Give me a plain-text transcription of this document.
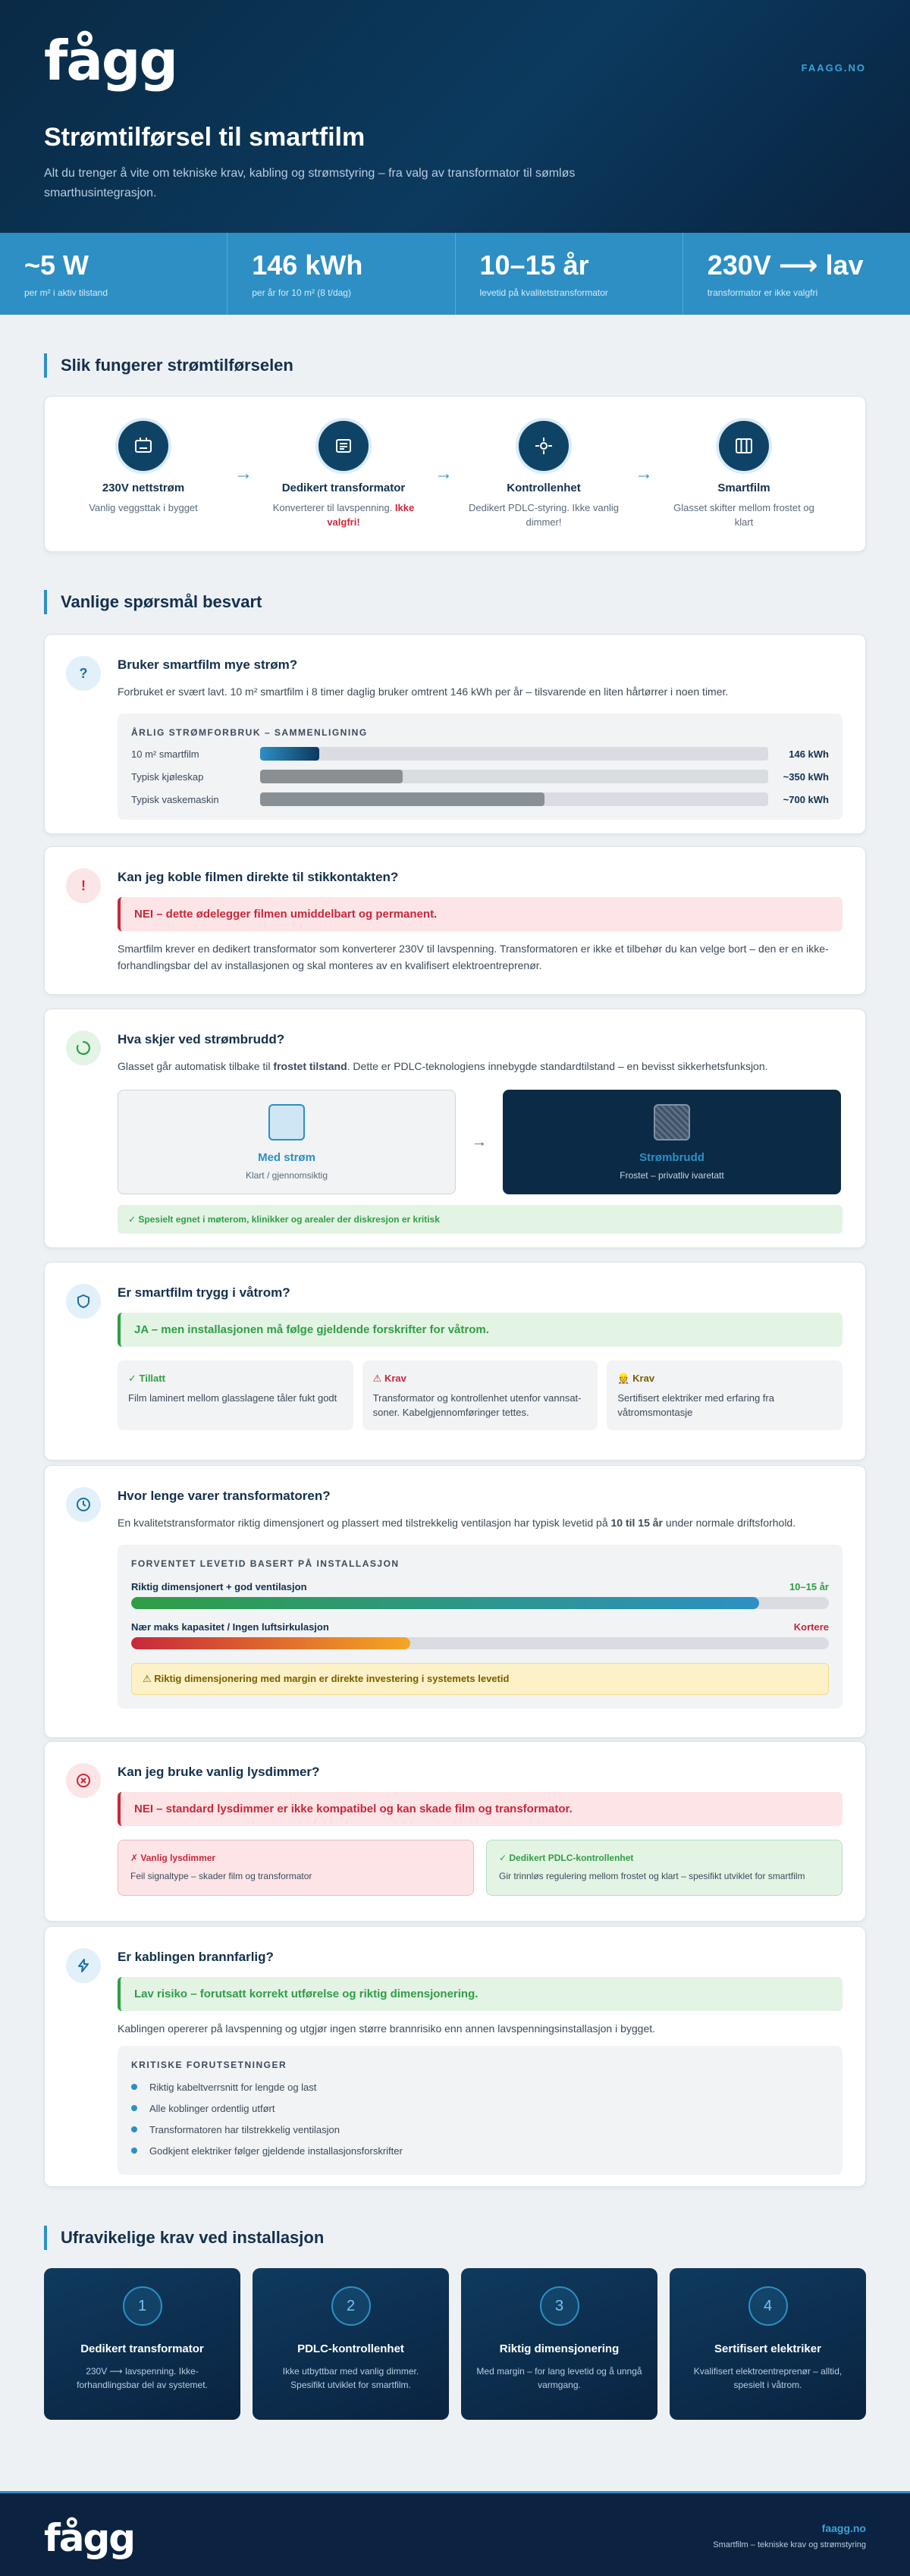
fågg	FAAGG.NO
Strømtilførsel til smartfilm

Alt du trenger å vite om tekniske krav, kabling og strømstyring – fra valg av transformator til sømløs smarthusintegrasjon.

~5 W
per m² i aktiv tilstand
146 kWh
per år for 10 m² (8 t/dag)
10–15 år
levetid på kvalitetstransformator
230V ⟶ lav
transformator er ikke valgfri
Slik fungerer strømtilførselen
230V nettstrøm
Vanlig veggsttak i bygget
→
Dedikert transformator
Konverterer til lavspenning. Ikke valgfri!
→
Kontrollenhet
Dedikert PDLC-styring. Ikke vanlig dimmer!
→
Smartfilm
Glasset skifter mellom frostet og klart
Vanlige spørsmål besvart
?
Bruker smartfilm mye strøm?
Forbruket er svært lavt. 10 m² smartfilm i 8 timer daglig bruker omtrent 146 kWh per år – tilsvarende en liten hårtørrer i noen timer.
ÅRLIG STRØMFORBRUK – SAMMENLIGNING
10 m² smartfilm	146 kWh
Typisk kjøleskap	~350 kWh
Typisk vaskemaskin	~700 kWh
!
Kan jeg koble filmen direkte til stikkontakten?
NEI – dette ødelegger filmen umiddelbart og permanent.
Smartfilm krever en dedikert transformator som konverterer 230V til lavspenning. Transformatoren er ikke et tilbehør du kan velge bort – den er en ikke-forhandlingsbar del av installasjonen og skal monteres av en kvalifisert elektroentreprenør.
Hva skjer ved strømbrudd?
Glasset går automatisk tilbake til frostet tilstand. Dette er PDLC-teknologiens innebygde standardtilstand – en bevisst sikkerhetsfunksjon.
Med strøm
Klart / gjennomsiktig
→
Strømbrudd
Frostet – privatliv ivaretatt
✓ Spesielt egnet i møterom, klinikker og arealer der diskresjon er kritisk
Er smartfilm trygg i våtrom?
JA – men installasjonen må følge gjeldende forskrifter for våtrom.
✓ Tillatt
Film laminert mellom glasslagene tåler fukt godt
⚠ Krav
Transformator og kontrollenhet utenfor vannsat-soner. Kabelgjennomføringer tettes.
👷 Krav
Sertifisert elektriker med erfaring fra våtromsmontasje
Hvor lenge varer transformatoren?
En kvalitetstransformator riktig dimensjonert og plassert med tilstrekkelig ventilasjon har typisk levetid på 10 til 15 år under normale driftsforhold.
FORVENTET LEVETID BASERT PÅ INSTALLASJON
Riktig dimensjonert + god ventilasjon	10–15 år
Nær maks kapasitet / Ingen luftsirkulasjon	Kortere
⚠ Riktig dimensjonering med margin er direkte investering i systemets levetid
Kan jeg bruke vanlig lysdimmer?
NEI – standard lysdimmer er ikke kompatibel og kan skade film og transformator.
✗ Vanlig lysdimmer
Feil signaltype – skader film og transformator
✓ Dedikert PDLC-kontrollenhet
Gir trinnløs regulering mellom frostet og klart – spesifikt utviklet for smartfilm
Er kablingen brannfarlig?
Lav risiko – forutsatt korrekt utførelse og riktig dimensjonering.
Kablingen opererer på lavspenning og utgjør ingen større brannrisiko enn annen lavspenningsinstallasjon i bygget.
KRITISKE FORUTSETNINGER
Riktig kabeltverrsnitt for lengde og last
Alle koblinger ordentlig utført
Transformatoren har tilstrekkelig ventilasjon
Godkjent elektriker følger gjeldende installasjonsforskrifter
Ufravikelige krav ved installasjon
1
Dedikert transformator
230V ⟶ lavspenning. Ikke-forhandlingsbar del av systemet.
2
PDLC-kontrollenhet
Ikke utbyttbar med vanlig dimmer. Spesifikt utviklet for smartfilm.
3
Riktig dimensjonering
Med margin – for lang levetid og å unngå varmgang.
4
Sertifisert elektriker
Kvalifisert elektroentreprenør – alltid, spesielt i våtrom.
fågg	faagg.no
Smartfilm – tekniske krav og strømstyring
